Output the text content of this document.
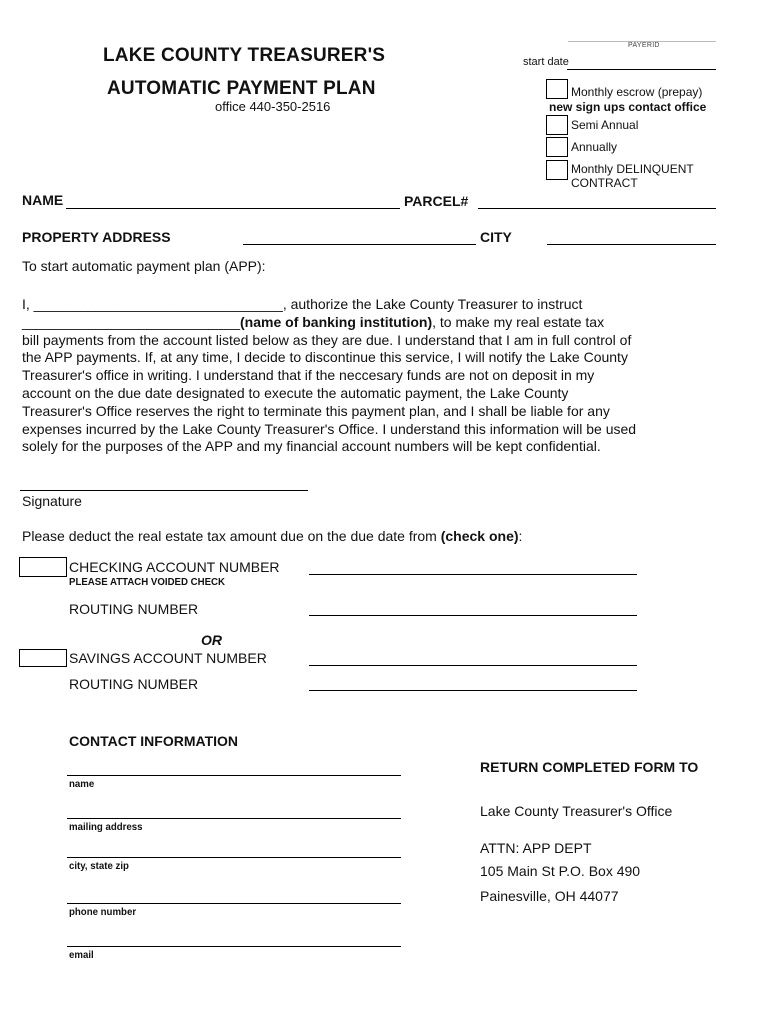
LAKE COUNTY TREASURER'S
AUTOMATIC PAYMENT PLAN
office 440-350-2516
PAYERID
start date
Monthly escrow (prepay)
new sign ups contact office
Semi Annual
Annually
Monthly DELINQUENT
CONTRACT
NAME	PARCEL#
PROPERTY ADDRESS	CITY
To start automatic payment plan (APP):
I, ________________________________, authorize the Lake County Treasurer to instruct
____________________________(name of banking institution), to make my real estate tax
bill payments from the account listed below as they are due. I understand that I am in full control of
the APP payments. If, at any time, I decide to discontinue this service, I will notify the Lake County
Treasurer's office in writing. I understand that if the neccesary funds are not on deposit in my
account on the due date designated to execute the automatic payment, the Lake County
Treasurer's Office reserves the right to terminate this payment plan, and I shall be liable for any
expenses incurred by the Lake County Treasurer's Office. I understand this information will be used
solely for the purposes of the APP and my financial account numbers will be kept confidential.
Signature
Please deduct the real estate tax amount due on the due date from (check one):
CHECKING ACCOUNT NUMBER
PLEASE ATTACH VOIDED CHECK
ROUTING NUMBER
OR
SAVINGS ACCOUNT NUMBER
ROUTING NUMBER
CONTACT INFORMATION
name
mailing address
city, state zip
phone number
email
RETURN COMPLETED FORM TO
Lake County Treasurer's Office
ATTN: APP DEPT
105 Main St P.O. Box 490
Painesville, OH 44077
